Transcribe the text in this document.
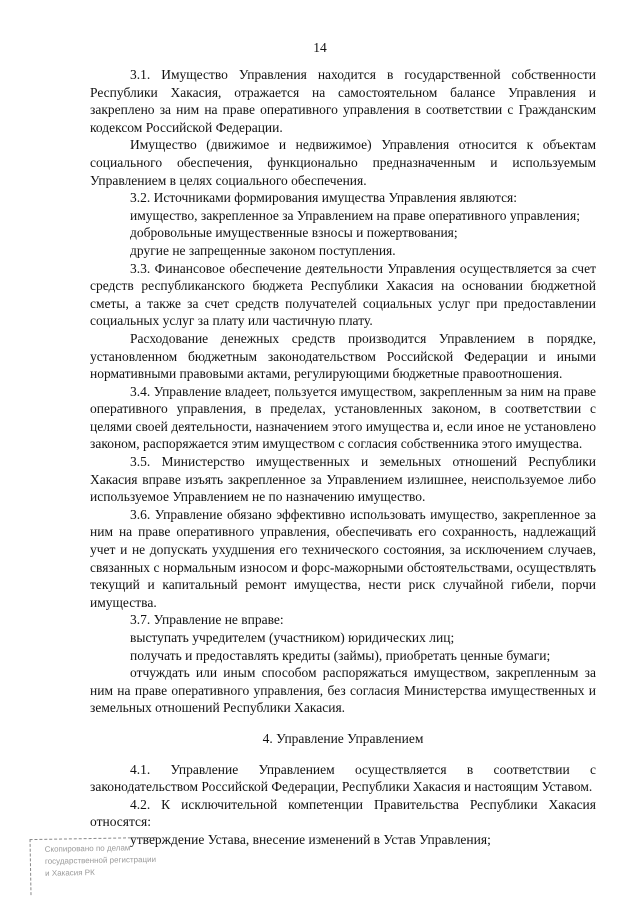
14

3.1. Имущество Управления находится в государственной собственности Республики Хакасия, отражается на самостоятельном балансе Управления и закреплено за ним на праве оперативного управления в соответствии с Гражданским кодексом Российской Федерации.

Имущество (движимое и недвижимое) Управления относится к объектам социального обеспечения, функционально предназначенным и используемым Управлением в целях социального обеспечения.

3.2. Источниками формирования имущества Управления являются:

имущество, закрепленное за Управлением на праве оперативного управления;

добровольные имущественные взносы и пожертвования;

другие не запрещенные законом поступления.

3.3. Финансовое обеспечение деятельности Управления осуществляется за счет средств республиканского бюджета Республики Хакасия на основании бюджетной сметы, а также за счет средств получателей социальных услуг при предоставлении социальных услуг за плату или частичную плату.

Расходование денежных средств производится Управлением в порядке, установленном бюджетным законодательством Российской Федерации и иными нормативными правовыми актами, регулирующими бюджетные правоотношения.

3.4. Управление владеет, пользуется имуществом, закрепленным за ним на праве оперативного управления, в пределах, установленных законом, в соответствии с целями своей деятельности, назначением этого имущества и, если иное не установлено законом, распоряжается этим имуществом с согласия собственника этого имущества.

3.5. Министерство имущественных и земельных отношений Республики Хакасия вправе изъять закрепленное за Управлением излишнее, неиспользуемое либо используемое Управлением не по назначению имущество.

3.6. Управление обязано эффективно использовать имущество, закрепленное за ним на праве оперативного управления, обеспечивать его сохранность, надлежащий учет и не допускать ухудшения его технического состояния, за исключением случаев, связанных с нормальным износом и форс-мажорными обстоятельствами, осуществлять текущий и капитальный ремонт имущества, нести риск случайной гибели, порчи имущества.

3.7. Управление не вправе:

выступать учредителем (участником) юридических лиц;

получать и предоставлять кредиты (займы), приобретать ценные бумаги;

отчуждать или иным способом распоряжаться имуществом, закрепленным за ним на праве оперативного управления, без согласия Министерства имущественных и земельных отношений Республики Хакасия.

4. Управление Управлением

4.1. Управление Управлением осуществляется в соответствии с законодательством Российской Федерации, Республики Хакасия и настоящим Уставом.

4.2. К исключительной компетенции Правительства Республики Хакасия относятся:

утверждение Устава, внесение изменений в Устав Управления;

Скопировано по делам
государственной регистрации
и Хакасия РК
